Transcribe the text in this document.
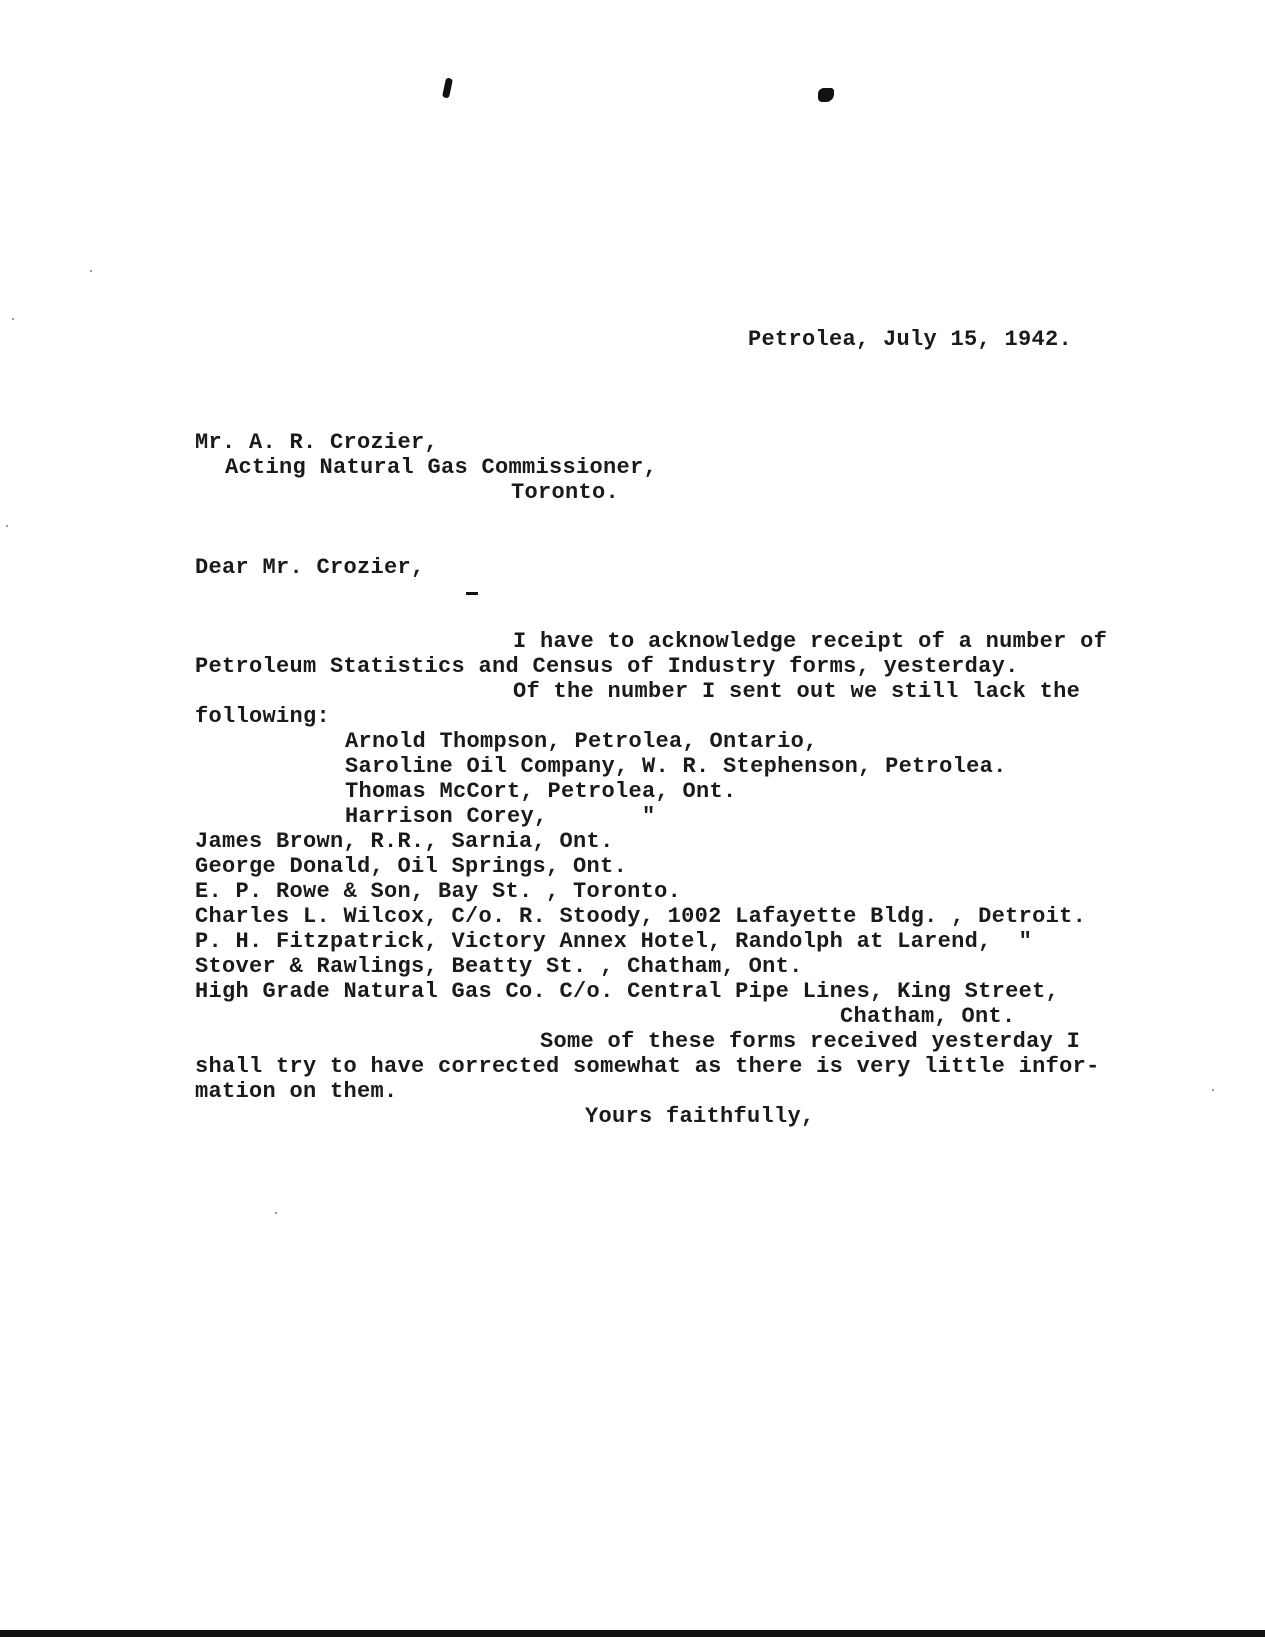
Petrolea, July 15, 1942.
Mr. A. R. Crozier,
Acting Natural Gas Commissioner,
Toronto.
Dear Mr. Crozier,
I have to acknowledge receipt of a number of
Petroleum Statistics and Census of Industry forms, yesterday.
Of the number I sent out we still lack the
following:
Arnold Thompson, Petrolea, Ontario,
Saroline Oil Company, W. R. Stephenson, Petrolea.
Thomas McCort, Petrolea, Ont.
Harrison Corey,       "
James Brown, R.R., Sarnia, Ont.
George Donald, Oil Springs, Ont.
E. P. Rowe & Son, Bay St. , Toronto.
Charles L. Wilcox, C/o. R. Stoody, 1002 Lafayette Bldg. , Detroit.
P. H. Fitzpatrick, Victory Annex Hotel, Randolph at Larend,  "
Stover & Rawlings, Beatty St. , Chatham, Ont.
High Grade Natural Gas Co. C/o. Central Pipe Lines, King Street,
Chatham, Ont.
Some of these forms received yesterday I
shall try to have corrected somewhat as there is very little infor-
mation on them.
Yours faithfully,
